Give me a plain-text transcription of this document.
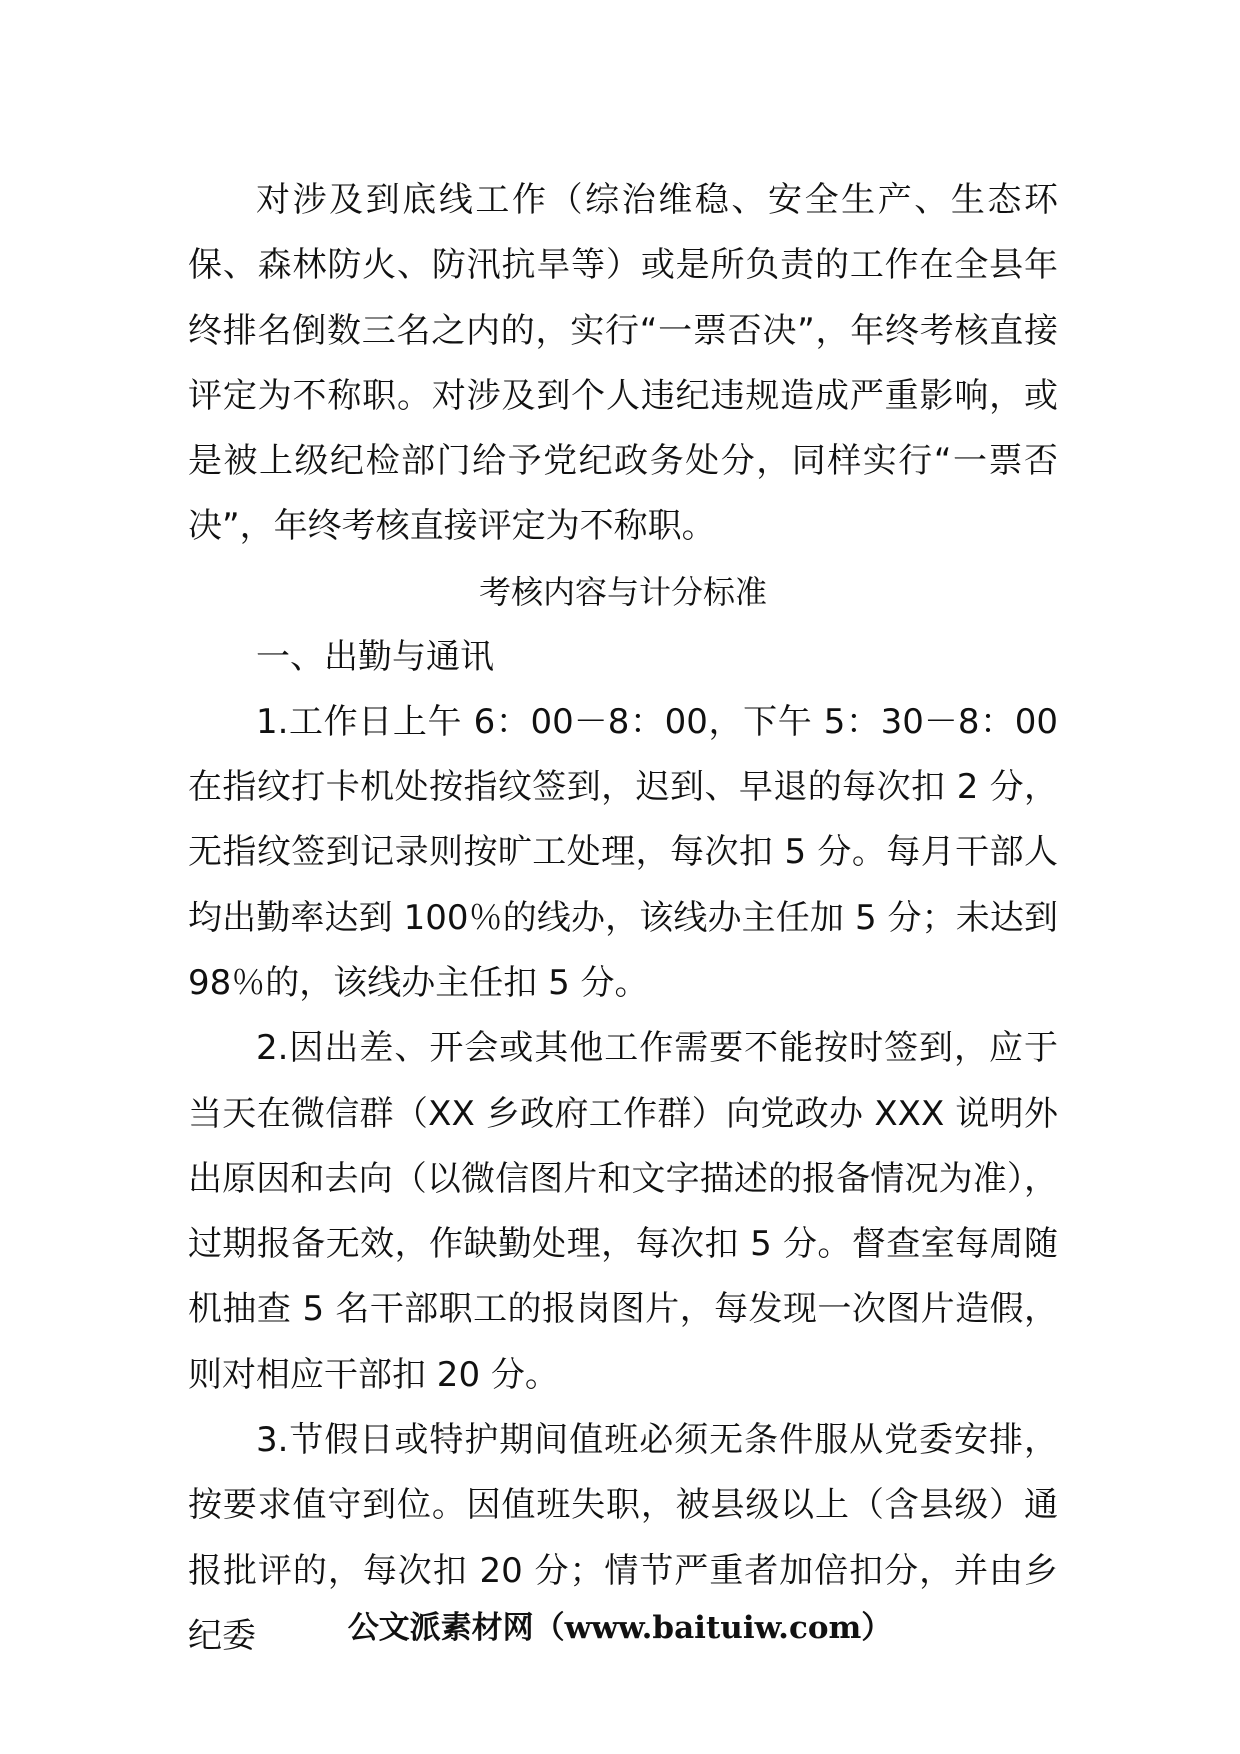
对涉及到底线工作（综治维稳、安全生产、生态环保、森林防火、防汛抗旱等）或是所负责的工作在全县年终排名倒数三名之内的，实行“一票否决”，年终考核直接评定为不称职。对涉及到个人违纪违规造成严重影响，或是被上级纪检部门给予党纪政务处分，同样实行“一票否决”，年终考核直接评定为不称职。

考核内容与计分标准

一、出勤与通讯

1.工作日上午 6：00－8：00，下午 5：30－8：00 在指纹打卡机处按指纹签到，迟到、早退的每次扣 2 分，无指纹签到记录则按旷工处理，每次扣 5 分。每月干部人均出勤率达到 100％的线办，该线办主任加 5 分；未达到 98％的，该线办主任扣 5 分。

2.因出差、开会或其他工作需要不能按时签到，应于当天在微信群（XX 乡政府工作群）向党政办 XXX 说明外出原因和去向（以微信图片和文字描述的报备情况为准），过期报备无效，作缺勤处理，每次扣 5 分。督查室每周随机抽查 5 名干部职工的报岗图片，每发现一次图片造假，则对相应干部扣 20 分。

3.节假日或特护期间值班必须无条件服从党委安排，按要求值守到位。因值班失职，被县级以上（含县级）通报批评的，每次扣 20 分；情节严重者加倍扣分，并由乡纪委	公文派素材网（www.baituiw.com）
